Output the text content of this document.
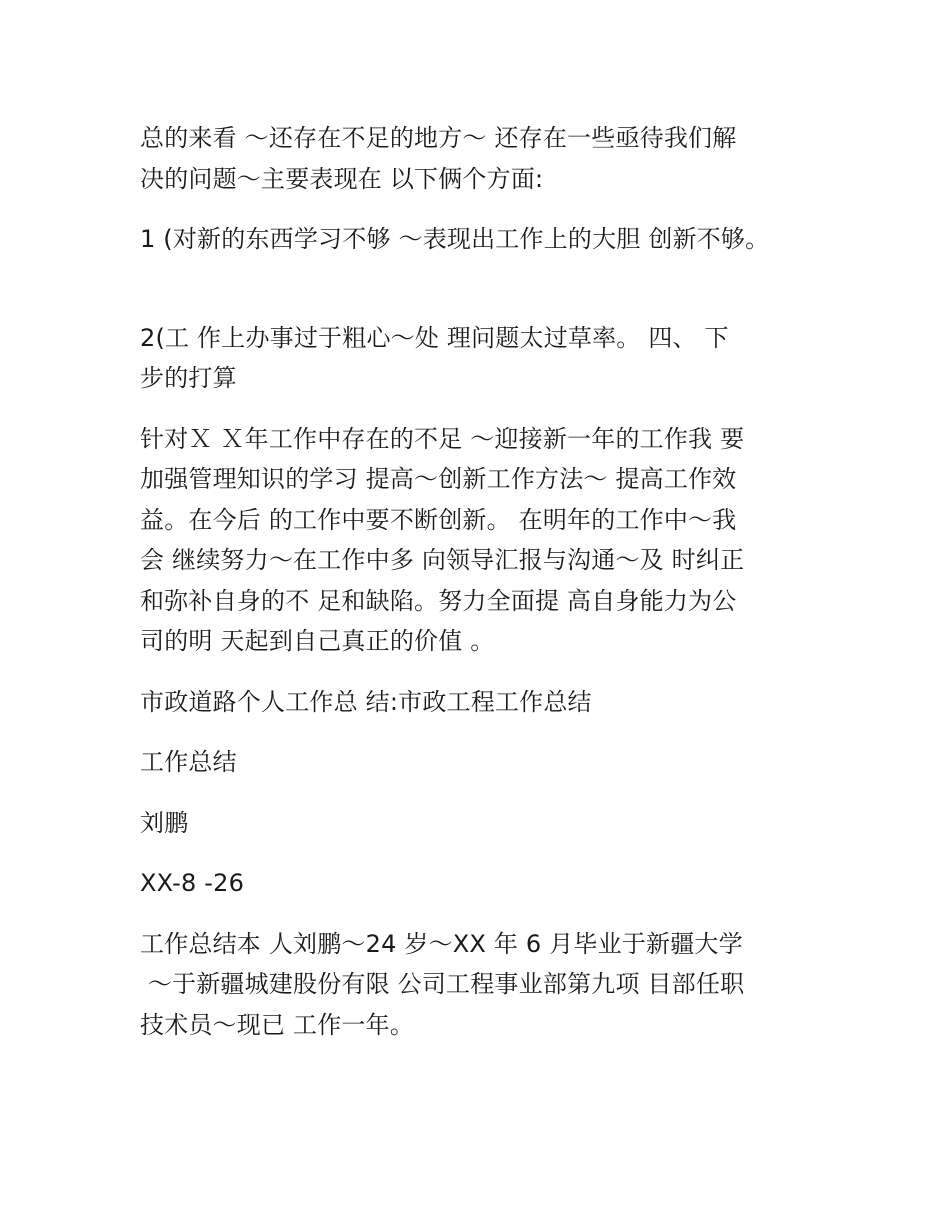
总的来看 ～还存在不足的地方～ 还存在一些亟待我们解
决的问题～主要表现在 以下俩个方面:

1 (对新的东西学习不够 ～表现出工作上的大胆 创新不够。

2(工 作上办事过于粗心～处 理问题太过草率。 四、 下
步的打算

针对Ｘ Ｘ年工作中存在的不足 ～迎接新一年的工作我 要
加强管理知识的学习 提高～创新工作方法～ 提高工作效
益。在今后 的工作中要不断创新。 在明年的工作中～我
会 继续努力～在工作中多 向领导汇报与沟通～及 时纠正
和弥补自身的不 足和缺陷。努力全面提 高自身能力为公
司的明 天起到自己真正的价值 。

市政道路个人工作总 结:市政工程工作总结

工作总结

刘鹏

XX-8 -26

工作总结本 人刘鹏～24 岁～XX 年 6 月毕业于新疆大学
～于新疆城建股份有限 公司工程事业部第九项 目部任职
技术员～现已 工作一年。
